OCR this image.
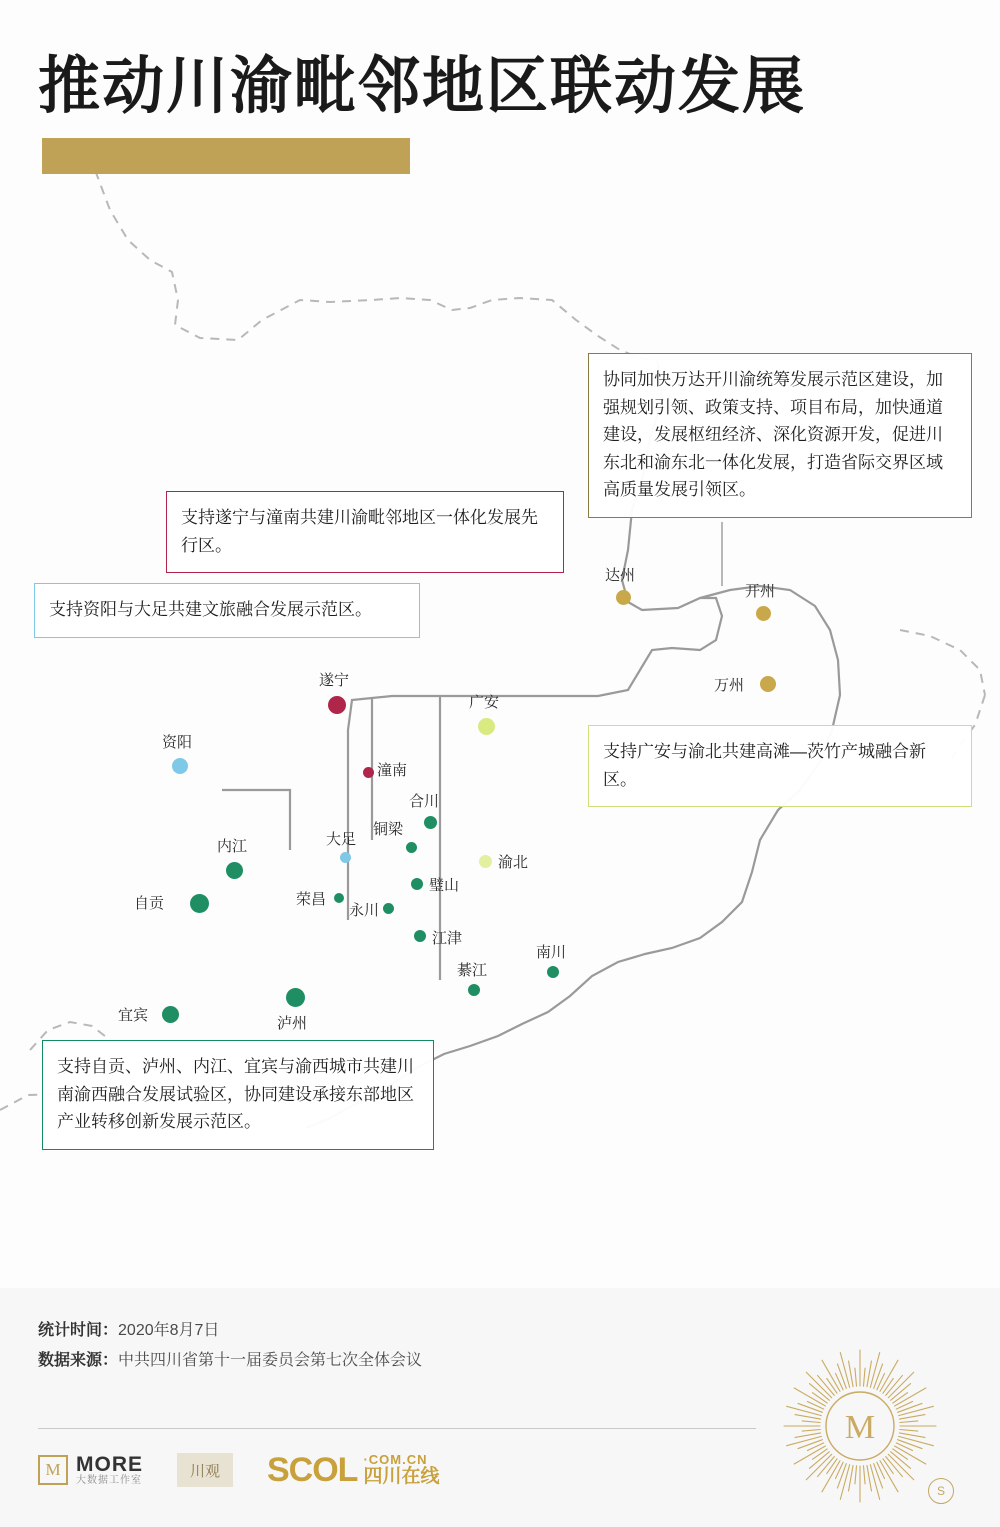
推动川渝毗邻地区联动发展
达州
开州
万州
遂宁
广安
潼南
资阳
大足
渝北
合川
铜梁
璧山
永川
江津
荣昌
内江
自贡
泸州
宜宾
南川
綦江
协同加快万达开川渝统筹发展示范区建设，加强规划引领、政策支持、项目布局，加快通道建设，发展枢纽经济、深化资源开发，促进川东北和渝东北一体化发展，打造省际交界区域高质量发展引领区。
支持遂宁与潼南共建川渝毗邻地区一体化发展先行区。
支持资阳与大足共建文旅融合发展示范区。
支持广安与渝北共建高滩—茨竹产城融合新区。
支持自贡、泸州、内江、宜宾与渝西城市共建川南渝西融合发展试验区，协同建设承接东部地区产业转移创新发展示范区。
统计时间：2020年8月7日
数据来源：中共四川省第十一届委员会第七次全体会议
M MORE
大数据工作室
川观	SCOL ·COM.CN
四川在线
M
S
